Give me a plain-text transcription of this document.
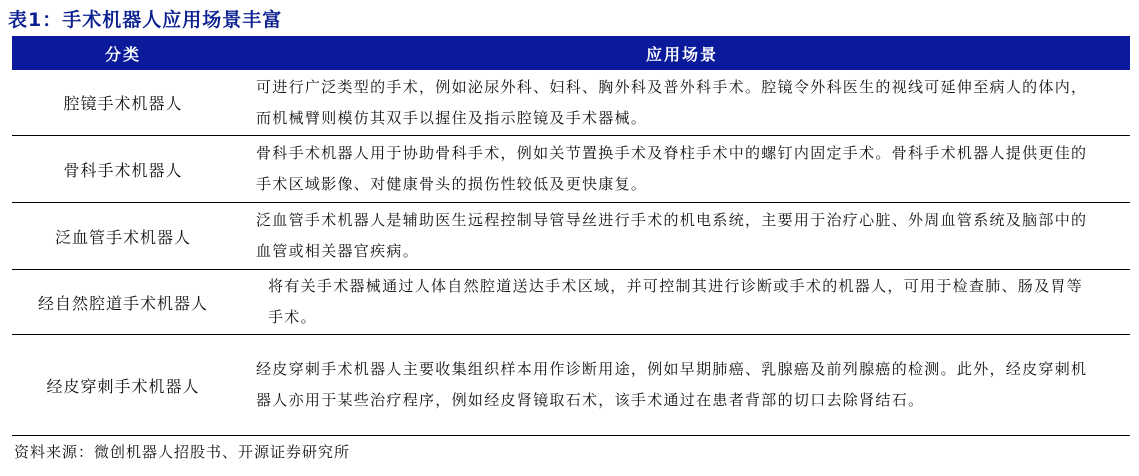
表1：手术机器人应用场景丰富
分类	应用场景
腔镜手术机器人
可进行广泛类型的手术，例如泌尿外科、妇科、胸外科及普外科手术。腔镜令外科医生的视线可延伸至病人的体内，而机械臂则模仿其双手以握住及指示腔镜及手术器械。
骨科手术机器人
骨科手术机器人用于协助骨科手术，例如关节置换手术及脊柱手术中的螺钉内固定手术。骨科手术机器人提供更佳的手术区域影像、对健康骨头的损伤性较低及更快康复。
泛血管手术机器人
泛血管手术机器人是辅助医生远程控制导管导丝进行手术的机电系统，主要用于治疗心脏、外周血管系统及脑部中的血管或相关器官疾病。
经自然腔道手术机器人
将有关手术器械通过人体自然腔道送达手术区域，并可控制其进行诊断或手术的机器人，可用于检查肺、肠及胃等手术。
经皮穿刺手术机器人
经皮穿刺手术机器人主要收集组织样本用作诊断用途，例如早期肺癌、乳腺癌及前列腺癌的检测。此外，经皮穿刺机器人亦用于某些治疗程序，例如经皮肾镜取石术，该手术通过在患者背部的切口去除肾结石。
资料来源：微创机器人招股书、开源证券研究所
